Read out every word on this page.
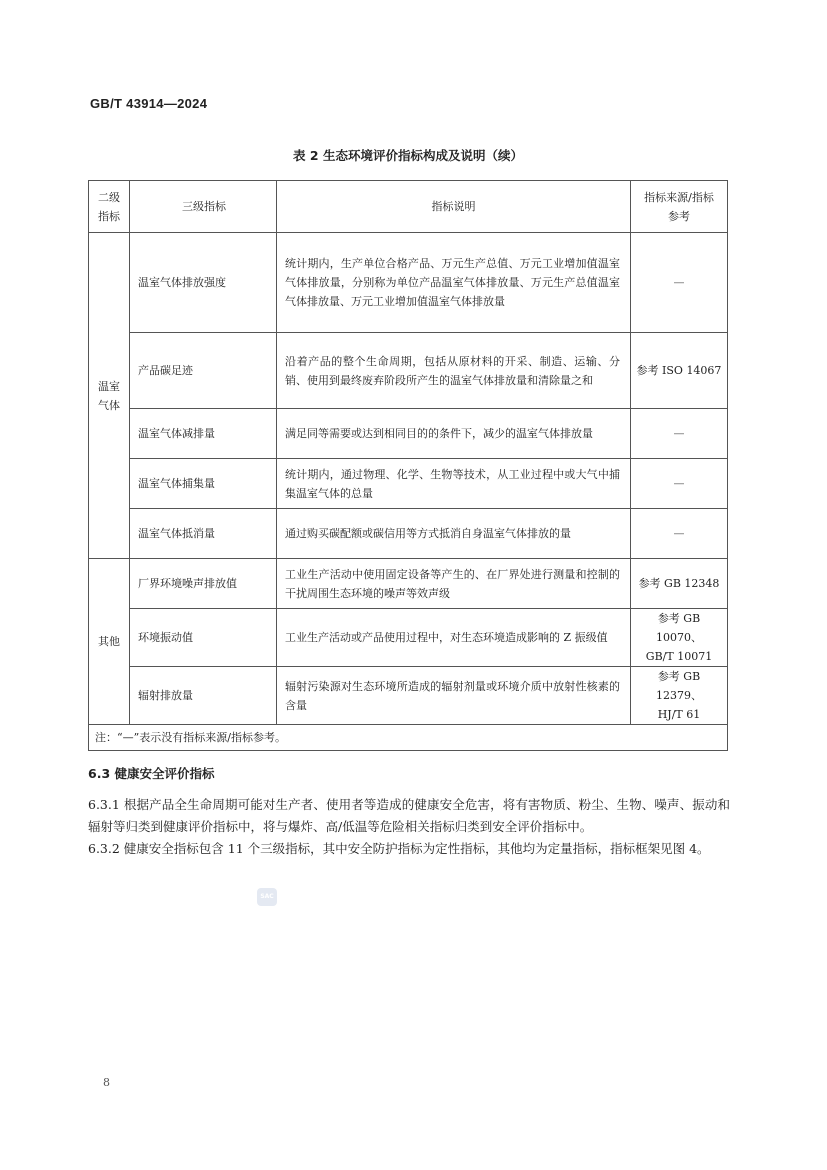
GB/T 43914—2024
表 2 生态环境评价指标构成及说明（续）
二级
指标	三级指标	指标说明	指标来源/指标
参考
温室
气体	温室气体排放强度	统计期内，生产单位合格产品、万元生产总值、万元工业增加值温室气体排放量，分别称为单位产品温室气体排放量、万元生产总值温室气体排放量、万元工业增加值温室气体排放量	—
	产品碳足迹	沿着产品的整个生命周期，包括从原材料的开采、制造、运输、分销、使用到最终废弃阶段所产生的温室气体排放量和清除量之和	参考 ISO 14067
	温室气体减排量	满足同等需要或达到相同目的的条件下，减少的温室气体排放量	—
	温室气体捕集量	统计期内，通过物理、化学、生物等技术，从工业过程中或大气中捕集温室气体的总量	—
	温室气体抵消量	通过购买碳配额或碳信用等方式抵消自身温室气体排放的量	—
其他	厂界环境噪声排放值	工业生产活动中使用固定设备等产生的、在厂界处进行测量和控制的干扰周围生态环境的噪声等效声级	参考 GB 12348
	环境振动值	工业生产活动或产品使用过程中，对生态环境造成影响的 Z 振级值	参考 GB 10070、
GB/T 10071
	辐射排放量	辐射污染源对生态环境所造成的辐射剂量或环境介质中放射性核素的含量	参考 GB 12379、
HJ/T 61
注：“—”表示没有指标来源/指标参考。			
6.3 健康安全评价指标
6.3.1 根据产品全生命周期可能对生产者、使用者等造成的健康安全危害，将有害物质、粉尘、生物、噪声、振动和辐射等归类到健康评价指标中，将与爆炸、高/低温等危险相关指标归类到安全评价指标中。
6.3.2 健康安全指标包含 11 个三级指标，其中安全防护指标为定性指标，其他均为定量指标，指标框架见图 4。
SAC
8
